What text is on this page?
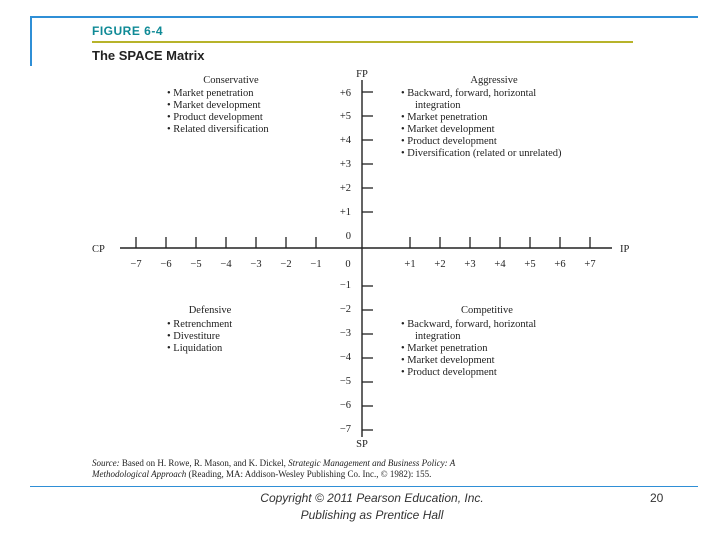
FIGURE 6-4
The SPACE Matrix
FP
SP
CP	IP
−7 −6 −5 −4 −3 −2 −1 0	+1 +2 +3 +4 +5 +6 +7
0
+1
+2
+3
+4
+5
+6
−1
−2
−3
−4
−5
−6
−7
Conservative
• Market penetration
• Market development
• Product development
• Related diversification
Aggressive
• Backward, forward, horizontal
integration
• Market penetration
• Market development
• Product development
• Diversification (related or unrelated)
Defensive
• Retrenchment
• Divestiture
• Liquidation
Competitive
• Backward, forward, horizontal
integration
• Market penetration
• Market development
• Product development
Source: Based on H. Rowe, R. Mason, and K. Dickel, Strategic Management and Business Policy: A
Methodological Approach (Reading, MA: Addison-Wesley Publishing Co. Inc., © 1982): 155.
Copyright © 2011 Pearson Education, Inc.
Publishing as Prentice Hall
20
